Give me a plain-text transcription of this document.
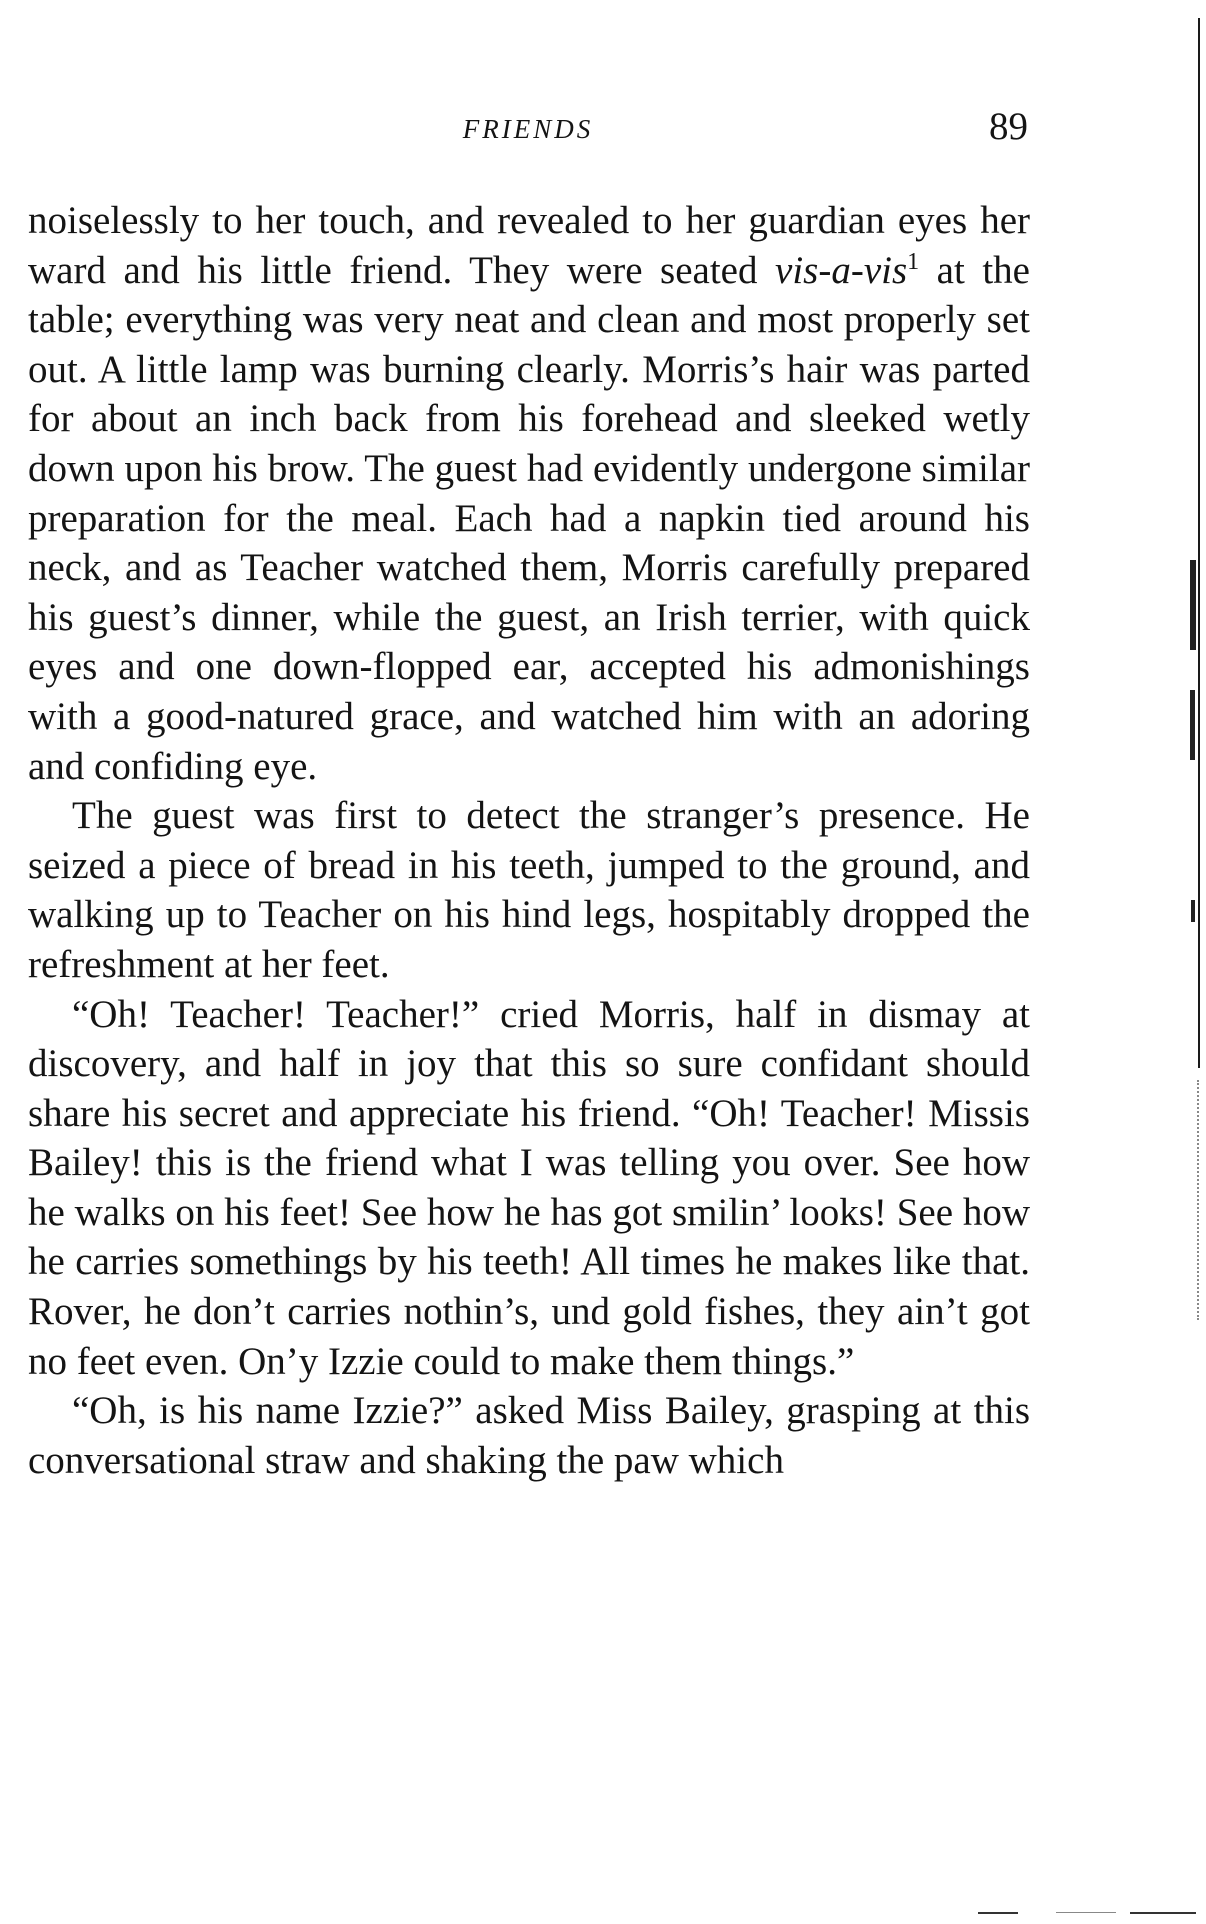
FRIENDS	89

noiselessly to her touch, and revealed to her guardian eyes her ward and his little friend. They were seated vis-a-vis$^1$ at the table; everything was very neat and clean and most properly set out. A little lamp was burning clearly. Morris’s hair was parted for about an inch back from his forehead and sleeked wetly down upon his brow. The guest had evidently undergone similar preparation for the meal. Each had a napkin tied around his neck, and as Teacher watched them, Morris carefully prepared his guest’s dinner, while the guest, an Irish terrier, with quick eyes and one down-flopped ear, accepted his admonishings with a good-natured grace, and watched him with an adoring and confiding eye.

The guest was first to detect the stranger’s presence. He seized a piece of bread in his teeth, jumped to the ground, and walking up to Teacher on his hind legs, hospitably dropped the refreshment at her feet.

“Oh! Teacher! Teacher!” cried Morris, half in dismay at discovery, and half in joy that this so sure confidant should share his secret and appreciate his friend. “Oh! Teacher! Missis Bailey! this is the friend what I was telling you over. See how he walks on his feet! See how he has got smilin’ looks! See how he carries somethings by his teeth! All times he makes like that. Rover, he don’t carries nothin’s, und gold fishes, they ain’t got no feet even. On’y Izzie could to make them things.”

“Oh, is his name Izzie?” asked Miss Bailey, grasping at this conversational straw and shaking the paw which
